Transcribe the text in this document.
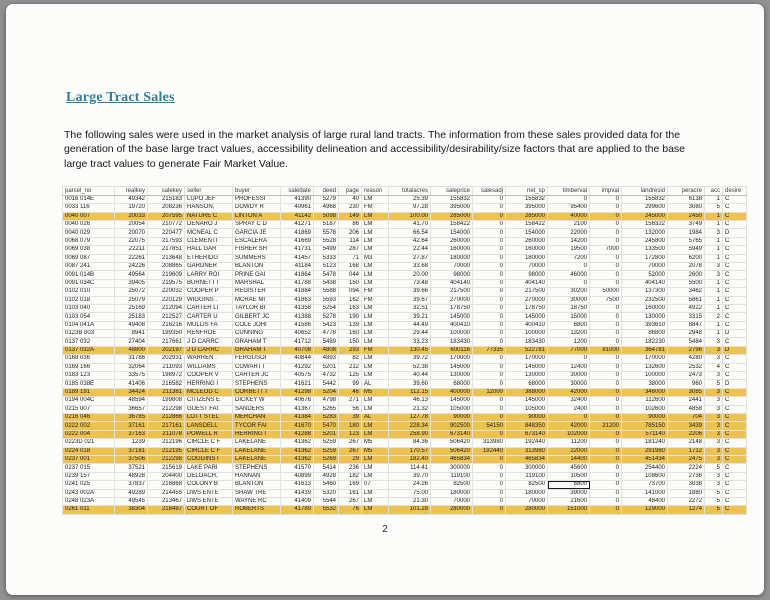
Large Tract Sales

The following sales were used in the market analysis of large rural land tracts. The information from these sales provided data for the generation of the base large tract values, accessibility delineation and accessibility/desirability/size factors that are applied to the base large tract values to generate Fair Market Value.

parcel_no	realkey	salekey	seller	buyer	saledate	deed	page	reason	totalacres	saleprice	salesadj	net_sp	timberval	impval	landresid	peracre	acc	desire
0016 014E	49342	215183	LUPO JEF	PROFESSI	41390	5279	40	LM	25.39	155832	0	155832	0	0	155832	6138	1	C
0033 116	19720	208236	HANSON,	DOWDY R	40961	4968	230	FM	97.28	395000	0	395000	95400	0	299600	3080	5	C
0040 007	20033	207595	NATURE C	LINTON A	41142	5098	149	LM	100.00	285000	0	285000	40000	0	245000	2450	1	C
0040 026	20054	210772	DENARO J	SPRAY C D	41271	5187	86	LM	41.70	158422	0	158422	2100	0	156322	3749	1	C
0040 029	20070	220477	MCNEAL C	GARCIA JE	41869	5578	206	LM	66.54	154000	0	154000	22000	0	132000	1984	3	D
0068 079	22075	217593	CLEMENTI	ESCALERA	41669	5528	114	LM	42.64	260000	0	260000	14200	0	245800	5765	1	C
0069 038	22211	217851	HALL GAR	FISHER SH	41731	5499	287	LM	22.44	160000	0	160000	19500	7000	133500	5949	1	C
0069 087	22261	213648	ETHERIDG	SUMMERS	41457	5333	71	M3	27.87	180000	0	180000	7200	0	172800	6200	1	C
0087 241	24226	208865	GARDNER	BLANTON	41184	5123	168	LM	33.68	70000	0	70000	0	0	70000	2078	3	C
0091 014B	49564	219609	LARRY ROI	PRINE GAI	41864	5478	044	LM	20.00	98000	0	98000	46000	0	52000	2600	3	C
0091 034C	39405	219575	BURNETT I	MARSHAL	41788	5438	150	LM	73.48	404140	0	404140	0	0	404140	5500	1	C
0102 010	25072	220032	COOPER P	REGISTER	41884	5588	094	FM	39.66	217500	0	217500	30200	50000	137300	3462	1	C
0102 018	25079	220129	WIGGINS .	MCRAE MI	41863	5593	162	FM	39.67	270000	0	270000	30000	7500	232500	5861	1	C
0103 040	25169	212094	CARTER LI	TAYLOR BI	41358	5254	163	LM	32.51	178750	0	178750	18750	0	160000	4922	1	C
0103 054	25183	212527	CARTER U	GILBERT JC	41388	5278	190	LM	39.21	145000	0	145000	15000	0	130000	3315	2	C
0104 041A	49408	216216	MULLIS FA	COLE JOHI	41586	5423	139	LM	44.49	400410	0	400410	6800	0	393610	8847	1	C
0123B 003	8941	199350	RENFROE	CUNNING	40652	4778	160	LM	29.44	100000	0	100000	13200	0	86800	2948	1	D
0137 032	27404	217661	J D CARRC	GRAHAM T	41712	5489	150	LM	33.23	183430	0	183430	1200	0	182230	5484	3	C
0137 032A	48800	202197	J D CARRC	GRAHAM T	40708	4808	293	FM	130.45	600116	77335	522781	77000	81000	364781	2796	3	D
0168 036	31786	202931	WARREN .	FERGUSOI	40844	4893	82	LM	39.72	170000	0	170000	0	0	170000	4280	3	C
0169 166	32064	211093	WILLIAMS	COWART I	41292	5201	212	LM	52.38	145000	0	145000	12400	0	132600	2532	4	C
0183 123	33575	198972	COOPER V	CARTER JC	40575	4732	125	LM	40.44	130000	0	130000	30000	0	100000	2473	3	C
0185 038E	41406	216582	HERRING I	STEPHENS	41621	5442	99	AL	39.60	68000	0	68000	30000	0	38000	960	5	D
0189 191	34424	211381	MCLEOD C	CORBETT I	41298	5204	46	M5	112.15	400000	12000	388000	42000	0	346000	3085	3	C
0194 004C	48594	199808	CITIZENS E	DICKEY W	40676	4798	271	LM	46.13	145000	0	145000	32400	0	112600	2441	3	C
0215 007	36657	212298	GUEST FAI	SANDERS	41367	5265	56	LM	21.32	105000	0	105000	2400	0	102600	4858	3	C
0216 046	36785	212866	LOTT STEL	MERCHAN	41384	5283	39	AL	127.78	90000	0	90000	0	0	90000	704	3	C
0222 002	37161	217161	LANSDELL	TYCOR FAI	41670	5470	180	LM	228.34	902500	54150	848350	42000	21200	785150	3439	3	C
0222 004	37163	211078	POWELL R	HERRING I	41288	5201	123	LM	258.90	673140	0	673140	102000	0	571140	2206	3	C
0223D 021	1239	212196	CIRCLE C F	LAKELANE	41362	5259	267	M5	84.36	506420	313980	192440	11200	0	181240	2148	3	C
0224 018	37181	212195	CIRCLE C F	LAKELANE	41362	5259	267	M5	170.57	506420	192440	313980	22000	0	291980	1712	3	C
0237 001	37506	212298	COGGINS I	LAKELANE	41362	5269	29	LM	182.40	465834	0	465834	14400	0	451434	2475	3	C
0237 015	37521	215619	LAKE PARI	STEPHENS	41570	5414	236	LM	114.41	300000	0	300000	45600	0	254400	2224	5	C
0239 157	48928	204400	DELOACH,	HANNAN	40899	4928	182	LM	39.70	119100	0	119100	10500	0	108600	2736	3	C
0241 025	37837	216868	COLONY B	BLANTON	41613	5460	169	07	24.26	82500	0	82500	8800	0	73700	3038	3	C
0243 002A	49289	214455	DWS ENTE	SHAW TRE	41439	5320	161	LM	75.00	180000	0	180000	39000	0	141000	1880	5	C
0248 023A	49545	213467	DWS ENTE	WAYNE RC	41409	5544	267	LM	21.30	70000	0	70000	21600	0	48400	2272	5	C
0261 011	38304	218487	COURT OF	ROBERTS	41789	5532	76	LM	101.28	280000	0	280000	151000	0	129000	1274	5	C
2
